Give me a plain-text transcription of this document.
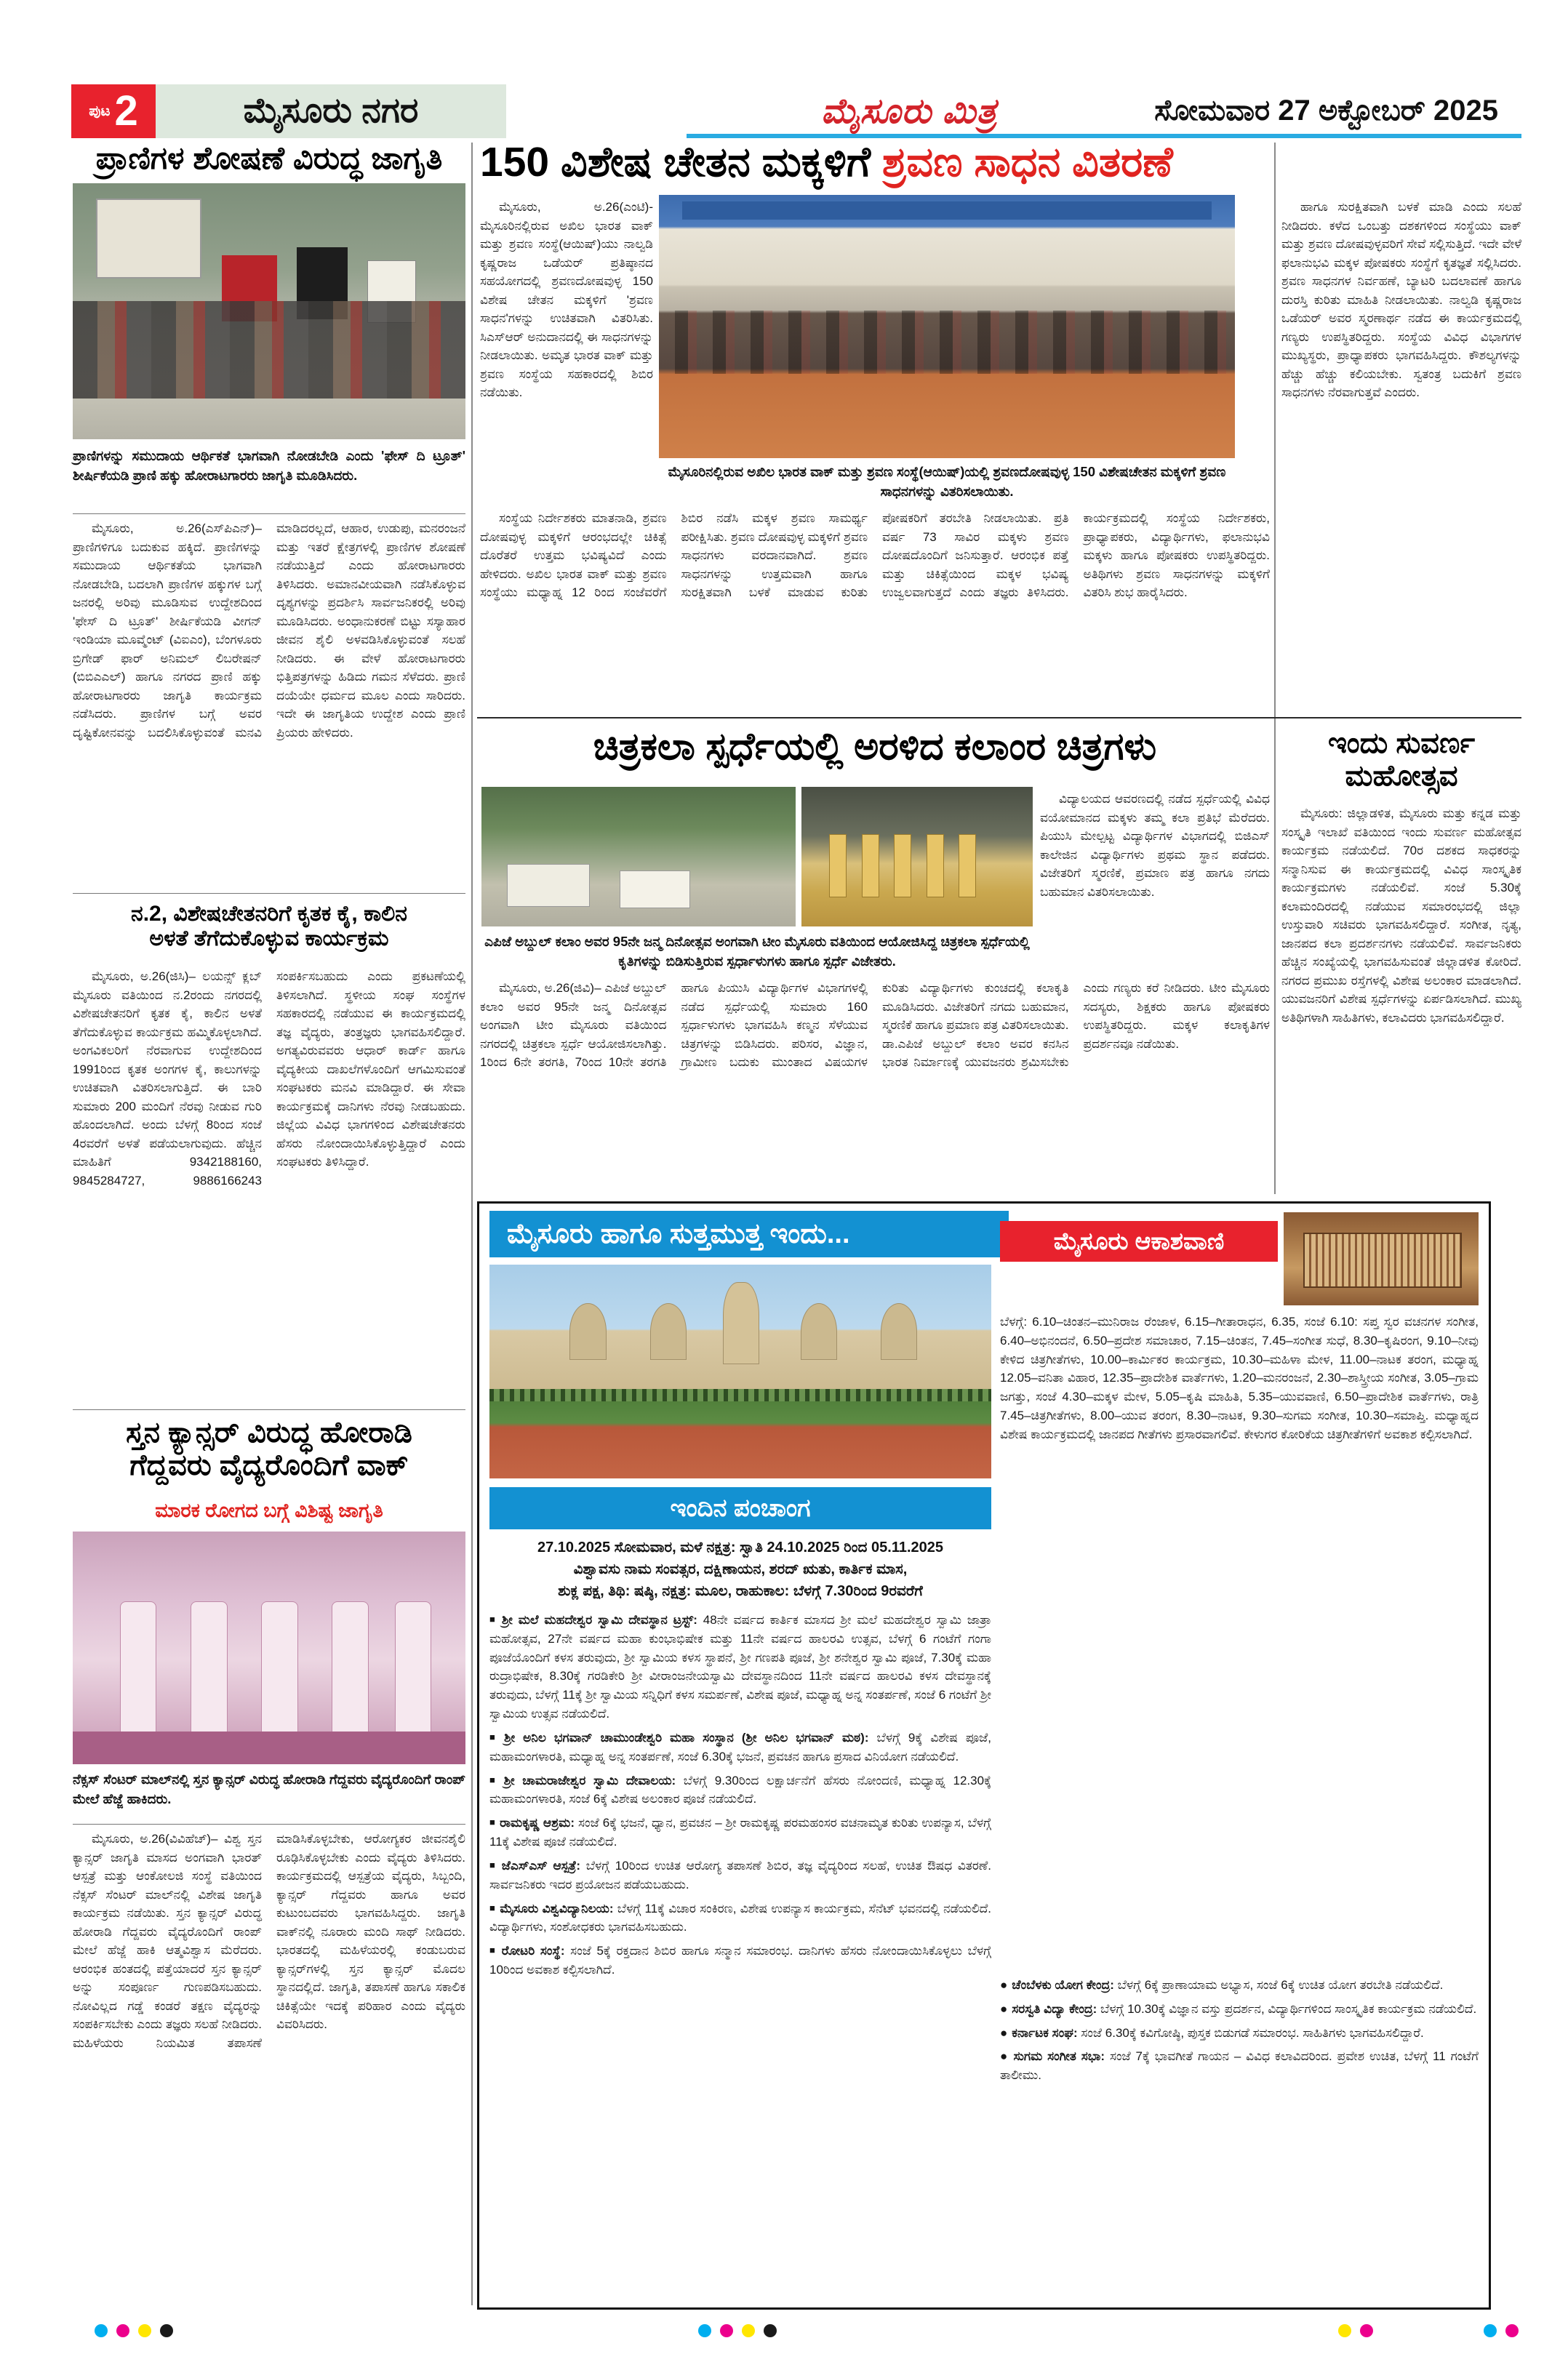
ಪುಟ 2	ಮೈಸೂರು ನಗರ	ಮೈಸೂರು ಮಿತ್ರ	ಸೋಮವಾರ 27 ಅಕ್ಟೋಬರ್ 2025
ಪ್ರಾಣಿಗಳ ಶೋಷಣೆ ವಿರುದ್ಧ ಜಾಗೃತಿ
ಪ್ರಾಣಿಗಳನ್ನು ಸಮುದಾಯ ಆರ್ಥಿಕತೆ ಭಾಗವಾಗಿ ನೋಡಬೇಡಿ ಎಂದು 'ಫೇಸ್ ದಿ ಟ್ರೂತ್' ಶೀರ್ಷಿಕೆಯಡಿ ಪ್ರಾಣಿ ಹಕ್ಕು ಹೋರಾಟಗಾರರು ಜಾಗೃತಿ ಮೂಡಿಸಿದರು.

ಮೈಸೂರು, ಅ.26(ಎಸ್‌ಪಿಎನ್)– ಪ್ರಾಣಿಗಳಿಗೂ ಬದುಕುವ ಹಕ್ಕಿದೆ. ಪ್ರಾಣಿಗಳನ್ನು ಸಮುದಾಯ ಆರ್ಥಿಕತೆಯ ಭಾಗವಾಗಿ ನೋಡಬೇಡಿ, ಬದಲಾಗಿ ಪ್ರಾಣಿಗಳ ಹಕ್ಕುಗಳ ಬಗ್ಗೆ ಜನರಲ್ಲಿ ಅರಿವು ಮೂಡಿಸುವ ಉದ್ದೇಶದಿಂದ 'ಫೇಸ್ ದಿ ಟ್ರೂತ್' ಶೀರ್ಷಿಕೆಯಡಿ ವೀಗನ್ ಇಂಡಿಯಾ ಮೂವ್ಮೆಂಟ್ (ವಿಐಎಂ), ಬೆಂಗಳೂರು ಬ್ರಿಗೇಡ್ ಫಾರ್ ಅನಿಮಲ್ ಲಿಬರೇಷನ್ (ಬಿಬಿಎಎಲ್) ಹಾಗೂ ನಗರದ ಪ್ರಾಣಿ ಹಕ್ಕು ಹೋರಾಟಗಾರರು ಜಾಗೃತಿ ಕಾರ್ಯಕ್ರಮ ನಡೆಸಿದರು. ಪ್ರಾಣಿಗಳ ಬಗ್ಗೆ ಅವರ ದೃಷ್ಟಿಕೋನವನ್ನು ಬದಲಿಸಿಕೊಳ್ಳುವಂತೆ ಮನವಿ ಮಾಡಿದರಲ್ಲದೆ, ಆಹಾರ, ಉಡುಪು, ಮನರಂಜನೆ ಮತ್ತು ಇತರೆ ಕ್ಷೇತ್ರಗಳಲ್ಲಿ ಪ್ರಾಣಿಗಳ ಶೋಷಣೆ ನಡೆಯುತ್ತಿದೆ ಎಂದು ಹೋರಾಟಗಾರರು ತಿಳಿಸಿದರು. ಅಮಾನವೀಯವಾಗಿ ನಡೆಸಿಕೊಳ್ಳುವ ದೃಶ್ಯಗಳನ್ನು ಪ್ರದರ್ಶಿಸಿ ಸಾರ್ವಜನಿಕರಲ್ಲಿ ಅರಿವು ಮೂಡಿಸಿದರು. ಅಂಧಾನುಕರಣೆ ಬಿಟ್ಟು ಸಸ್ಯಾಹಾರ ಜೀವನ ಶೈಲಿ ಅಳವಡಿಸಿಕೊಳ್ಳುವಂತೆ ಸಲಹೆ ನೀಡಿದರು. ಈ ವೇಳೆ ಹೋರಾಟಗಾರರು ಭಿತ್ತಿಪತ್ರಗಳನ್ನು ಹಿಡಿದು ಗಮನ ಸೆಳೆದರು. ಪ್ರಾಣಿ ದಯೆಯೇ ಧರ್ಮದ ಮೂಲ ಎಂದು ಸಾರಿದರು. ಇದೇ ಈ ಜಾಗೃತಿಯ ಉದ್ದೇಶ ಎಂದು ಪ್ರಾಣಿ ಪ್ರಿಯರು ಹೇಳಿದರು.

ನ.2, ವಿಶೇಷಚೇತನರಿಗೆ ಕೃತಕ ಕೈ, ಕಾಲಿನ
ಅಳತೆ ತೆಗೆದುಕೊಳ್ಳುವ ಕಾರ್ಯಕ್ರಮ

ಮೈಸೂರು, ಅ.26(ಜಿಸಿ)– ಲಯನ್ಸ್ ಕ್ಲಬ್ ಮೈಸೂರು ವತಿಯಿಂದ ನ.2ರಂದು ನಗರದಲ್ಲಿ ವಿಶೇಷಚೇತನರಿಗೆ ಕೃತಕ ಕೈ, ಕಾಲಿನ ಅಳತೆ ತೆಗೆದುಕೊಳ್ಳುವ ಕಾರ್ಯಕ್ರಮ ಹಮ್ಮಿಕೊಳ್ಳಲಾಗಿದೆ. ಅಂಗವಿಕಲರಿಗೆ ನೆರವಾಗುವ ಉದ್ದೇಶದಿಂದ 1991ರಿಂದ ಕೃತಕ ಅಂಗಗಳ ಕೈ, ಕಾಲುಗಳನ್ನು ಉಚಿತವಾಗಿ ವಿತರಿಸಲಾಗುತ್ತಿದೆ. ಈ ಬಾರಿ ಸುಮಾರು 200 ಮಂದಿಗೆ ನೆರವು ನೀಡುವ ಗುರಿ ಹೊಂದಲಾಗಿದೆ. ಅಂದು ಬೆಳಗ್ಗೆ 8ರಿಂದ ಸಂಜೆ 4ರವರೆಗೆ ಅಳತೆ ಪಡೆಯಲಾಗುವುದು. ಹೆಚ್ಚಿನ ಮಾಹಿತಿಗೆ 9342188160, 9845284727, 9886166243 ಸಂಪರ್ಕಿಸಬಹುದು ಎಂದು ಪ್ರಕಟಣೆಯಲ್ಲಿ ತಿಳಿಸಲಾಗಿದೆ. ಸ್ಥಳೀಯ ಸಂಘ ಸಂಸ್ಥೆಗಳ ಸಹಕಾರದಲ್ಲಿ ನಡೆಯುವ ಈ ಕಾರ್ಯಕ್ರಮದಲ್ಲಿ ತಜ್ಞ ವೈದ್ಯರು, ತಂತ್ರಜ್ಞರು ಭಾಗವಹಿಸಲಿದ್ದಾರೆ. ಅಗತ್ಯವಿರುವವರು ಆಧಾರ್ ಕಾರ್ಡ್ ಹಾಗೂ ವೈದ್ಯಕೀಯ ದಾಖಲೆಗಳೊಂದಿಗೆ ಆಗಮಿಸುವಂತೆ ಸಂಘಟಕರು ಮನವಿ ಮಾಡಿದ್ದಾರೆ. ಈ ಸೇವಾ ಕಾರ್ಯಕ್ರಮಕ್ಕೆ ದಾನಿಗಳು ನೆರವು ನೀಡಬಹುದು. ಜಿಲ್ಲೆಯ ವಿವಿಧ ಭಾಗಗಳಿಂದ ವಿಶೇಷಚೇತನರು ಹೆಸರು ನೋಂದಾಯಿಸಿಕೊಳ್ಳುತ್ತಿದ್ದಾರೆ ಎಂದು ಸಂಘಟಕರು ತಿಳಿಸಿದ್ದಾರೆ.

ಸ್ತನ ಕ್ಯಾನ್ಸರ್ ವಿರುದ್ಧ ಹೋರಾಡಿ
ಗೆದ್ದವರು ವೈದ್ಯರೊಂದಿಗೆ ವಾಕ್
ಮಾರಕ ರೋಗದ ಬಗ್ಗೆ ವಿಶಿಷ್ಟ ಜಾಗೃತಿ
ನೆಕ್ಸಸ್ ಸೆಂಟರ್ ಮಾಲ್‌ನಲ್ಲಿ ಸ್ತನ ಕ್ಯಾನ್ಸರ್ ವಿರುದ್ಧ ಹೋರಾಡಿ ಗೆದ್ದವರು ವೈದ್ಯರೊಂದಿಗೆ ರಾಂಪ್ ಮೇಲೆ ಹೆಜ್ಜೆ ಹಾಕಿದರು.

ಮೈಸೂರು, ಅ.26(ವಿವಿಹೆಚ್)– ವಿಶ್ವ ಸ್ತನ ಕ್ಯಾನ್ಸರ್ ಜಾಗೃತಿ ಮಾಸದ ಅಂಗವಾಗಿ ಭಾರತ್ ಆಸ್ಪತ್ರೆ ಮತ್ತು ಆಂಕೋಲಜಿ ಸಂಸ್ಥೆ ವತಿಯಿಂದ ನೆಕ್ಸಸ್ ಸೆಂಟರ್ ಮಾಲ್‌ನಲ್ಲಿ ವಿಶೇಷ ಜಾಗೃತಿ ಕಾರ್ಯಕ್ರಮ ನಡೆಯಿತು. ಸ್ತನ ಕ್ಯಾನ್ಸರ್ ವಿರುದ್ಧ ಹೋರಾಡಿ ಗೆದ್ದವರು ವೈದ್ಯರೊಂದಿಗೆ ರಾಂಪ್ ಮೇಲೆ ಹೆಜ್ಜೆ ಹಾಕಿ ಆತ್ಮವಿಶ್ವಾಸ ಮೆರೆದರು. ಆರಂಭಿಕ ಹಂತದಲ್ಲಿ ಪತ್ತೆಯಾದರೆ ಸ್ತನ ಕ್ಯಾನ್ಸರ್ ಅನ್ನು ಸಂಪೂರ್ಣ ಗುಣಪಡಿಸಬಹುದು. ನೋವಿಲ್ಲದ ಗಡ್ಡೆ ಕಂಡರೆ ತಕ್ಷಣ ವೈದ್ಯರನ್ನು ಸಂಪರ್ಕಿಸಬೇಕು ಎಂದು ತಜ್ಞರು ಸಲಹೆ ನೀಡಿದರು. ಮಹಿಳೆಯರು ನಿಯಮಿತ ತಪಾಸಣೆ ಮಾಡಿಸಿಕೊಳ್ಳಬೇಕು, ಆರೋಗ್ಯಕರ ಜೀವನಶೈಲಿ ರೂಢಿಸಿಕೊಳ್ಳಬೇಕು ಎಂದು ವೈದ್ಯರು ತಿಳಿಸಿದರು. ಕಾರ್ಯಕ್ರಮದಲ್ಲಿ ಆಸ್ಪತ್ರೆಯ ವೈದ್ಯರು, ಸಿಬ್ಬಂದಿ, ಕ್ಯಾನ್ಸರ್ ಗೆದ್ದವರು ಹಾಗೂ ಅವರ ಕುಟುಂಬದವರು ಭಾಗವಹಿಸಿದ್ದರು. ಜಾಗೃತಿ ವಾಕ್‌ನಲ್ಲಿ ನೂರಾರು ಮಂದಿ ಸಾಥ್ ನೀಡಿದರು. ಭಾರತದಲ್ಲಿ ಮಹಿಳೆಯರಲ್ಲಿ ಕಂಡುಬರುವ ಕ್ಯಾನ್ಸರ್‌ಗಳಲ್ಲಿ ಸ್ತನ ಕ್ಯಾನ್ಸರ್ ಮೊದಲ ಸ್ಥಾನದಲ್ಲಿದೆ. ಜಾಗೃತಿ, ತಪಾಸಣೆ ಹಾಗೂ ಸಕಾಲಿಕ ಚಿಕಿತ್ಸೆಯೇ ಇದಕ್ಕೆ ಪರಿಹಾರ ಎಂದು ವೈದ್ಯರು ವಿವರಿಸಿದರು.

150 ವಿಶೇಷ ಚೇತನ ಮಕ್ಕಳಿಗೆ ಶ್ರವಣ ಸಾಧನ ವಿತರಣೆ

ಮೈಸೂರು, ಅ.26(ಎಂಟಿ)- ಮೈಸೂರಿನಲ್ಲಿರುವ ಅಖಿಲ ಭಾರತ ವಾಕ್ ಮತ್ತು ಶ್ರವಣ ಸಂಸ್ಥೆ(ಆಯಿಷ್)ಯು ನಾಲ್ವಡಿ ಕೃಷ್ಣರಾಜ ಒಡೆಯರ್ ಪ್ರತಿಷ್ಠಾನದ ಸಹಯೋಗದಲ್ಲಿ ಶ್ರವಣದೋಷವುಳ್ಳ 150 ವಿಶೇಷ ಚೇತನ ಮಕ್ಕಳಿಗೆ 'ಶ್ರವಣ ಸಾಧನ'ಗಳನ್ನು ಉಚಿತವಾಗಿ ವಿತರಿಸಿತು. ಸಿಎಸ್ಆರ್ ಅನುದಾನದಲ್ಲಿ ಈ ಸಾಧನಗಳನ್ನು ನೀಡಲಾಯಿತು. ಅಮೃತ ಭಾರತ ವಾಕ್ ಮತ್ತು ಶ್ರವಣ ಸಂಸ್ಥೆಯ ಸಹಕಾರದಲ್ಲಿ ಶಿಬಿರ ನಡೆಯಿತು.

ಮೈಸೂರಿನಲ್ಲಿರುವ ಅಖಿಲ ಭಾರತ ವಾಕ್ ಮತ್ತು ಶ್ರವಣ ಸಂಸ್ಥೆ(ಆಯಿಷ್)ಯಲ್ಲಿ ಶ್ರವಣದೋಷವುಳ್ಳ 150 ವಿಶೇಷಚೇತನ ಮಕ್ಕಳಿಗೆ ಶ್ರವಣ ಸಾಧನಗಳನ್ನು ವಿತರಿಸಲಾಯಿತು.

ಸಂಸ್ಥೆಯ ನಿರ್ದೇಶಕರು ಮಾತನಾಡಿ, ಶ್ರವಣ ದೋಷವುಳ್ಳ ಮಕ್ಕಳಿಗೆ ಆರಂಭದಲ್ಲೇ ಚಿಕಿತ್ಸೆ ದೊರೆತರೆ ಉತ್ತಮ ಭವಿಷ್ಯವಿದೆ ಎಂದು ಹೇಳಿದರು. ಅಖಿಲ ಭಾರತ ವಾಕ್ ಮತ್ತು ಶ್ರವಣ ಸಂಸ್ಥೆಯು ಮಧ್ಯಾಹ್ನ 12 ರಿಂದ ಸಂಜೆವರೆಗೆ ಶಿಬಿರ ನಡೆಸಿ ಮಕ್ಕಳ ಶ್ರವಣ ಸಾಮರ್ಥ್ಯ ಪರೀಕ್ಷಿಸಿತು. ಶ್ರವಣ ದೋಷವುಳ್ಳ ಮಕ್ಕಳಿಗೆ ಶ್ರವಣ ಸಾಧನಗಳು ವರದಾನವಾಗಿದೆ. ಶ್ರವಣ ಸಾಧನಗಳನ್ನು ಉತ್ತಮವಾಗಿ ಹಾಗೂ ಸುರಕ್ಷಿತವಾಗಿ ಬಳಕೆ ಮಾಡುವ ಕುರಿತು ಪೋಷಕರಿಗೆ ತರಬೇತಿ ನೀಡಲಾಯಿತು. ಪ್ರತಿ ವರ್ಷ 73 ಸಾವಿರ ಮಕ್ಕಳು ಶ್ರವಣ ದೋಷದೊಂದಿಗೆ ಜನಿಸುತ್ತಾರೆ. ಆರಂಭಿಕ ಪತ್ತೆ ಮತ್ತು ಚಿಕಿತ್ಸೆಯಿಂದ ಮಕ್ಕಳ ಭವಿಷ್ಯ ಉಜ್ವಲವಾಗುತ್ತದೆ ಎಂದು ತಜ್ಞರು ತಿಳಿಸಿದರು. ಕಾರ್ಯಕ್ರಮದಲ್ಲಿ ಸಂಸ್ಥೆಯ ನಿರ್ದೇಶಕರು, ಪ್ರಾಧ್ಯಾಪಕರು, ವಿದ್ಯಾರ್ಥಿಗಳು, ಫಲಾನುಭವಿ ಮಕ್ಕಳು ಹಾಗೂ ಪೋಷಕರು ಉಪಸ್ಥಿತರಿದ್ದರು. ಅತಿಥಿಗಳು ಶ್ರವಣ ಸಾಧನಗಳನ್ನು ಮಕ್ಕಳಿಗೆ ವಿತರಿಸಿ ಶುಭ ಹಾರೈಸಿದರು.

ಹಾಗೂ ಸುರಕ್ಷಿತವಾಗಿ ಬಳಕೆ ಮಾಡಿ ಎಂದು ಸಲಹೆ ನೀಡಿದರು. ಕಳೆದ ಒಂಬತ್ತು ದಶಕಗಳಿಂದ ಸಂಸ್ಥೆಯು ವಾಕ್ ಮತ್ತು ಶ್ರವಣ ದೋಷವುಳ್ಳವರಿಗೆ ಸೇವೆ ಸಲ್ಲಿಸುತ್ತಿದೆ. ಇದೇ ವೇಳೆ ಫಲಾನುಭವಿ ಮಕ್ಕಳ ಪೋಷಕರು ಸಂಸ್ಥೆಗೆ ಕೃತಜ್ಞತೆ ಸಲ್ಲಿಸಿದರು. ಶ್ರವಣ ಸಾಧನಗಳ ನಿರ್ವಹಣೆ, ಬ್ಯಾಟರಿ ಬದಲಾವಣೆ ಹಾಗೂ ದುರಸ್ತಿ ಕುರಿತು ಮಾಹಿತಿ ನೀಡಲಾಯಿತು. ನಾಲ್ವಡಿ ಕೃಷ್ಣರಾಜ ಒಡೆಯರ್ ಅವರ ಸ್ಮರಣಾರ್ಥ ನಡೆದ ಈ ಕಾರ್ಯಕ್ರಮದಲ್ಲಿ ಗಣ್ಯರು ಉಪಸ್ಥಿತರಿದ್ದರು. ಸಂಸ್ಥೆಯ ವಿವಿಧ ವಿಭಾಗಗಳ ಮುಖ್ಯಸ್ಥರು, ಪ್ರಾಧ್ಯಾಪಕರು ಭಾಗವಹಿಸಿದ್ದರು. ಕೌಶಲ್ಯಗಳನ್ನು ಹೆಚ್ಚು ಹೆಚ್ಚು ಕಲಿಯಬೇಕು. ಸ್ವತಂತ್ರ ಬದುಕಿಗೆ ಶ್ರವಣ ಸಾಧನಗಳು ನೆರವಾಗುತ್ತವೆ ಎಂದರು.

ಚಿತ್ರಕಲಾ ಸ್ಪರ್ಧೆಯಲ್ಲಿ ಅರಳಿದ ಕಲಾಂರ ಚಿತ್ರಗಳು

ವಿದ್ಯಾಲಯದ ಆವರಣದಲ್ಲಿ ನಡೆದ ಸ್ಪರ್ಧೆಯಲ್ಲಿ ವಿವಿಧ ವಯೋಮಾನದ ಮಕ್ಕಳು ತಮ್ಮ ಕಲಾ ಪ್ರತಿಭೆ ಮೆರೆದರು. ಪಿಯುಸಿ ಮೇಲ್ಪಟ್ಟ ವಿದ್ಯಾರ್ಥಿಗಳ ವಿಭಾಗದಲ್ಲಿ ಬಿಜಿಎಸ್ ಕಾಲೇಜಿನ ವಿದ್ಯಾರ್ಥಿಗಳು ಪ್ರಥಮ ಸ್ಥಾನ ಪಡೆದರು. ವಿಜೇತರಿಗೆ ಸ್ಮರಣಿಕೆ, ಪ್ರಮಾಣ ಪತ್ರ ಹಾಗೂ ನಗದು ಬಹುಮಾನ ವಿತರಿಸಲಾಯಿತು.

ಎಪಿಜೆ ಅಬ್ದುಲ್ ಕಲಾಂ ಅವರ 95ನೇ ಜನ್ಮ ದಿನೋತ್ಸವ ಅಂಗವಾಗಿ ಟೀಂ ಮೈಸೂರು ವತಿಯಿಂದ ಆಯೋಜಿಸಿದ್ದ ಚಿತ್ರಕಲಾ ಸ್ಪರ್ಧೆಯಲ್ಲಿ ಕೃತಿಗಳನ್ನು ಬಿಡಿಸುತ್ತಿರುವ ಸ್ಪರ್ಧಾಳುಗಳು ಹಾಗೂ ಸ್ಪರ್ಧೆ ವಿಜೇತರು.

ಮೈಸೂರು, ಅ.26(ಜಿವಿ)– ಎಪಿಜೆ ಅಬ್ದುಲ್ ಕಲಾಂ ಅವರ 95ನೇ ಜನ್ಮ ದಿನೋತ್ಸವ ಅಂಗವಾಗಿ ಟೀಂ ಮೈಸೂರು ವತಿಯಿಂದ ನಗರದಲ್ಲಿ ಚಿತ್ರಕಲಾ ಸ್ಪರ್ಧೆ ಆಯೋಜಿಸಲಾಗಿತ್ತು. 1ರಿಂದ 6ನೇ ತರಗತಿ, 7ರಿಂದ 10ನೇ ತರಗತಿ ಹಾಗೂ ಪಿಯುಸಿ ವಿದ್ಯಾರ್ಥಿಗಳ ವಿಭಾಗಗಳಲ್ಲಿ ನಡೆದ ಸ್ಪರ್ಧೆಯಲ್ಲಿ ಸುಮಾರು 160 ಸ್ಪರ್ಧಾಳುಗಳು ಭಾಗವಹಿಸಿ ಕಣ್ಮನ ಸೆಳೆಯುವ ಚಿತ್ರಗಳನ್ನು ಬಿಡಿಸಿದರು. ಪರಿಸರ, ವಿಜ್ಞಾನ, ಗ್ರಾಮೀಣ ಬದುಕು ಮುಂತಾದ ವಿಷಯಗಳ ಕುರಿತು ವಿದ್ಯಾರ್ಥಿಗಳು ಕುಂಚದಲ್ಲಿ ಕಲಾಕೃತಿ ಮೂಡಿಸಿದರು. ವಿಜೇತರಿಗೆ ನಗದು ಬಹುಮಾನ, ಸ್ಮರಣಿಕೆ ಹಾಗೂ ಪ್ರಮಾಣ ಪತ್ರ ವಿತರಿಸಲಾಯಿತು. ಡಾ.ಎಪಿಜೆ ಅಬ್ದುಲ್ ಕಲಾಂ ಅವರ ಕನಸಿನ ಭಾರತ ನಿರ್ಮಾಣಕ್ಕೆ ಯುವಜನರು ಶ್ರಮಿಸಬೇಕು ಎಂದು ಗಣ್ಯರು ಕರೆ ನೀಡಿದರು. ಟೀಂ ಮೈಸೂರು ಸದಸ್ಯರು, ಶಿಕ್ಷಕರು ಹಾಗೂ ಪೋಷಕರು ಉಪಸ್ಥಿತರಿದ್ದರು. ಮಕ್ಕಳ ಕಲಾಕೃತಿಗಳ ಪ್ರದರ್ಶನವೂ ನಡೆಯಿತು.

ಇಂದು ಸುವರ್ಣ
ಮಹೋತ್ಸವ

ಮೈಸೂರು: ಜಿಲ್ಲಾಡಳಿತ, ಮೈಸೂರು ಮತ್ತು ಕನ್ನಡ ಮತ್ತು ಸಂಸ್ಕೃತಿ ಇಲಾಖೆ ವತಿಯಿಂದ ಇಂದು ಸುವರ್ಣ ಮಹೋತ್ಸವ ಕಾರ್ಯಕ್ರಮ ನಡೆಯಲಿದೆ. 70ರ ದಶಕದ ಸಾಧಕರನ್ನು ಸನ್ಮಾನಿಸುವ ಈ ಕಾರ್ಯಕ್ರಮದಲ್ಲಿ ವಿವಿಧ ಸಾಂಸ್ಕೃತಿಕ ಕಾರ್ಯಕ್ರಮಗಳು ನಡೆಯಲಿವೆ. ಸಂಜೆ 5.30ಕ್ಕೆ ಕಲಾಮಂದಿರದಲ್ಲಿ ನಡೆಯುವ ಸಮಾರಂಭದಲ್ಲಿ ಜಿಲ್ಲಾ ಉಸ್ತುವಾರಿ ಸಚಿವರು ಭಾಗವಹಿಸಲಿದ್ದಾರೆ. ಸಂಗೀತ, ನೃತ್ಯ, ಜಾನಪದ ಕಲಾ ಪ್ರದರ್ಶನಗಳು ನಡೆಯಲಿವೆ. ಸಾರ್ವಜನಿಕರು ಹೆಚ್ಚಿನ ಸಂಖ್ಯೆಯಲ್ಲಿ ಭಾಗವಹಿಸುವಂತೆ ಜಿಲ್ಲಾಡಳಿತ ಕೋರಿದೆ. ನಗರದ ಪ್ರಮುಖ ರಸ್ತೆಗಳಲ್ಲಿ ವಿಶೇಷ ಅಲಂಕಾರ ಮಾಡಲಾಗಿದೆ. ಯುವಜನರಿಗೆ ವಿಶೇಷ ಸ್ಪರ್ಧೆಗಳನ್ನು ಏರ್ಪಡಿಸಲಾಗಿದೆ. ಮುಖ್ಯ ಅತಿಥಿಗಳಾಗಿ ಸಾಹಿತಿಗಳು, ಕಲಾವಿದರು ಭಾಗವಹಿಸಲಿದ್ದಾರೆ.

ಮೈಸೂರು ಹಾಗೂ ಸುತ್ತಮುತ್ತ ಇಂದು...
ಇಂದಿನ ಪಂಚಾಂಗ
27.10.2025 ಸೋಮವಾರ, ಮಳೆ ನಕ್ಷತ್ರ: ಸ್ವಾತಿ 24.10.2025 ರಿಂದ 05.11.2025
ವಿಶ್ವಾವಸು ನಾಮ ಸಂವತ್ಸರ, ದಕ್ಷಿಣಾಯನ, ಶರದ್ ಋತು, ಕಾರ್ತಿಕ ಮಾಸ,
ಶುಕ್ಲ ಪಕ್ಷ, ತಿಥಿ: ಷಷ್ಠಿ, ನಕ್ಷತ್ರ: ಮೂಲ, ರಾಹುಕಾಲ: ಬೆಳಗ್ಗೆ 7.30ರಿಂದ 9ರವರೆಗೆ

■ ಶ್ರೀ ಮಲೆ ಮಹದೇಶ್ವರ ಸ್ವಾಮಿ ದೇವಸ್ಥಾನ ಟ್ರಸ್ಟ್: 48ನೇ ವರ್ಷದ ಕಾರ್ತಿಕ ಮಾಸದ ಶ್ರೀ ಮಲೆ ಮಹದೇಶ್ವರ ಸ್ವಾಮಿ ಜಾತ್ರಾ ಮಹೋತ್ಸವ, 27ನೇ ವರ್ಷದ ಮಹಾ ಕುಂಭಾಭಿಷೇಕ ಮತ್ತು 11ನೇ ವರ್ಷದ ಹಾಲರವಿ ಉತ್ಸವ, ಬೆಳಗ್ಗೆ 6 ಗಂಟೆಗೆ ಗಂಗಾ ಪೂಜೆಯೊಂದಿಗೆ ಕಳಸ ತರುವುದು, ಶ್ರೀ ಸ್ವಾಮಿಯ ಕಳಸ ಸ್ಥಾಪನೆ, ಶ್ರೀ ಗಣಪತಿ ಪೂಜೆ, ಶ್ರೀ ಶನೇಶ್ವರ ಸ್ವಾಮಿ ಪೂಜೆ, 7.30ಕ್ಕೆ ಮಹಾ ರುದ್ರಾಭಿಷೇಕ, 8.30ಕ್ಕೆ ಗರಡಿಕೇರಿ ಶ್ರೀ ವೀರಾಂಜನೇಯಸ್ವಾಮಿ ದೇವಸ್ಥಾನದಿಂದ 11ನೇ ವರ್ಷದ ಹಾಲರವಿ ಕಳಸ ದೇವಸ್ಥಾನಕ್ಕೆ ತರುವುದು, ಬೆಳಗ್ಗೆ 11ಕ್ಕೆ ಶ್ರೀ ಸ್ವಾಮಿಯ ಸನ್ನಿಧಿಗೆ ಕಳಸ ಸಮರ್ಪಣೆ, ವಿಶೇಷ ಪೂಜೆ, ಮಧ್ಯಾಹ್ನ ಅನ್ನ ಸಂತರ್ಪಣೆ, ಸಂಜೆ 6 ಗಂಟೆಗೆ ಶ್ರೀ ಸ್ವಾಮಿಯ ಉತ್ಸವ ನಡೆಯಲಿದೆ.

■ ಶ್ರೀ ಅನಿಲ ಭಗವಾನ್ ಚಾಮುಂಡೇಶ್ವರಿ ಮಹಾ ಸಂಸ್ಥಾನ (ಶ್ರೀ ಅನಿಲ ಭಗವಾನ್ ಮಠ): ಬೆಳಗ್ಗೆ 9ಕ್ಕೆ ವಿಶೇಷ ಪೂಜೆ, ಮಹಾಮಂಗಳಾರತಿ, ಮಧ್ಯಾಹ್ನ ಅನ್ನ ಸಂತರ್ಪಣೆ, ಸಂಜೆ 6.30ಕ್ಕೆ ಭಜನೆ, ಪ್ರವಚನ ಹಾಗೂ ಪ್ರಸಾದ ವಿನಿಯೋಗ ನಡೆಯಲಿದೆ.

■ ಶ್ರೀ ಚಾಮರಾಜೇಶ್ವರ ಸ್ವಾಮಿ ದೇವಾಲಯ: ಬೆಳಗ್ಗೆ 9.30ರಿಂದ ಲಕ್ಷಾರ್ಚನೆಗೆ ಹೆಸರು ನೋಂದಣಿ, ಮಧ್ಯಾಹ್ನ 12.30ಕ್ಕೆ ಮಹಾಮಂಗಳಾರತಿ, ಸಂಜೆ 6ಕ್ಕೆ ವಿಶೇಷ ಅಲಂಕಾರ ಪೂಜೆ ನಡೆಯಲಿದೆ.

■ ರಾಮಕೃಷ್ಣ ಆಶ್ರಮ: ಸಂಜೆ 6ಕ್ಕೆ ಭಜನೆ, ಧ್ಯಾನ, ಪ್ರವಚನ – ಶ್ರೀ ರಾಮಕೃಷ್ಣ ಪರಮಹಂಸರ ವಚನಾಮೃತ ಕುರಿತು ಉಪನ್ಯಾಸ, ಬೆಳಗ್ಗೆ 11ಕ್ಕೆ ವಿಶೇಷ ಪೂಜೆ ನಡೆಯಲಿದೆ.

■ ಜೆಎಸ್ಎಸ್ ಆಸ್ಪತ್ರೆ: ಬೆಳಗ್ಗೆ 10ರಿಂದ ಉಚಿತ ಆರೋಗ್ಯ ತಪಾಸಣೆ ಶಿಬಿರ, ತಜ್ಞ ವೈದ್ಯರಿಂದ ಸಲಹೆ, ಉಚಿತ ಔಷಧ ವಿತರಣೆ. ಸಾರ್ವಜನಿಕರು ಇದರ ಪ್ರಯೋಜನ ಪಡೆಯಬಹುದು.

■ ಮೈಸೂರು ವಿಶ್ವವಿದ್ಯಾನಿಲಯ: ಬೆಳಗ್ಗೆ 11ಕ್ಕೆ ವಿಚಾರ ಸಂಕಿರಣ, ವಿಶೇಷ ಉಪನ್ಯಾಸ ಕಾರ್ಯಕ್ರಮ, ಸೆನೆಟ್ ಭವನದಲ್ಲಿ ನಡೆಯಲಿದೆ. ವಿದ್ಯಾರ್ಥಿಗಳು, ಸಂಶೋಧಕರು ಭಾಗವಹಿಸಬಹುದು.

■ ರೋಟರಿ ಸಂಸ್ಥೆ: ಸಂಜೆ 5ಕ್ಕೆ ರಕ್ತದಾನ ಶಿಬಿರ ಹಾಗೂ ಸನ್ಮಾನ ಸಮಾರಂಭ. ದಾನಿಗಳು ಹೆಸರು ನೋಂದಾಯಿಸಿಕೊಳ್ಳಲು ಬೆಳಗ್ಗೆ 10ರಿಂದ ಅವಕಾಶ ಕಲ್ಪಿಸಲಾಗಿದೆ.

ಮೈಸೂರು ಆಕಾಶವಾಣಿ

ಬೆಳಗ್ಗೆ: 6.10–ಚಿಂತನ–ಮುನಿರಾಜ ರೆಂಜಾಳ, 6.15–ಗೀತಾರಾಧನ, 6.35, ಸಂಜೆ 6.10: ಸಪ್ತ ಸ್ವರ ವಚನಗಳ ಸಂಗೀತ, 6.40–ಅಭಿನಂದನೆ, 6.50–ಪ್ರದೇಶ ಸಮಾಚಾರ, 7.15–ಚಿಂತನ, 7.45–ಸಂಗೀತ ಸುಧೆ, 8.30–ಕೃಷಿರಂಗ, 9.10–ನೀವು ಕೇಳಿದ ಚಿತ್ರಗೀತೆಗಳು, 10.00–ಕಾರ್ಮಿಕರ ಕಾರ್ಯಕ್ರಮ, 10.30–ಮಹಿಳಾ ಮೇಳ, 11.00–ನಾಟಕ ತರಂಗ, ಮಧ್ಯಾಹ್ನ 12.05–ವನಿತಾ ವಿಹಾರ, 12.35–ಪ್ರಾದೇಶಿಕ ವಾರ್ತೆಗಳು, 1.20–ಮನರಂಜನೆ, 2.30–ಶಾಸ್ತ್ರೀಯ ಸಂಗೀತ, 3.05–ಗ್ರಾಮ ಜಗತ್ತು, ಸಂಜೆ 4.30–ಮಕ್ಕಳ ಮೇಳ, 5.05–ಕೃಷಿ ಮಾಹಿತಿ, 5.35–ಯುವವಾಣಿ, 6.50–ಪ್ರಾದೇಶಿಕ ವಾರ್ತೆಗಳು, ರಾತ್ರಿ 7.45–ಚಿತ್ರಗೀತೆಗಳು, 8.00–ಯುವ ತರಂಗ, 8.30–ನಾಟಕ, 9.30–ಸುಗಮ ಸಂಗೀತ, 10.30–ಸಮಾಪ್ತಿ. ಮಧ್ಯಾಹ್ನದ ವಿಶೇಷ ಕಾರ್ಯಕ್ರಮದಲ್ಲಿ ಜಾನಪದ ಗೀತೆಗಳು ಪ್ರಸಾರವಾಗಲಿವೆ. ಕೇಳುಗರ ಕೋರಿಕೆಯ ಚಿತ್ರಗೀತೆಗಳಿಗೆ ಅವಕಾಶ ಕಲ್ಪಿಸಲಾಗಿದೆ.

● ಚೆಂಬೆಳಕು ಯೋಗ ಕೇಂದ್ರ: ಬೆಳಗ್ಗೆ 6ಕ್ಕೆ ಪ್ರಾಣಾಯಾಮ ಅಭ್ಯಾಸ, ಸಂಜೆ 6ಕ್ಕೆ ಉಚಿತ ಯೋಗ ತರಬೇತಿ ನಡೆಯಲಿದೆ.

● ಸರಸ್ವತಿ ವಿದ್ಯಾ ಕೇಂದ್ರ: ಬೆಳಗ್ಗೆ 10.30ಕ್ಕೆ ವಿಜ್ಞಾನ ವಸ್ತು ಪ್ರದರ್ಶನ, ವಿದ್ಯಾರ್ಥಿಗಳಿಂದ ಸಾಂಸ್ಕೃತಿಕ ಕಾರ್ಯಕ್ರಮ ನಡೆಯಲಿದೆ.

● ಕರ್ನಾಟಕ ಸಂಘ: ಸಂಜೆ 6.30ಕ್ಕೆ ಕವಿಗೋಷ್ಠಿ, ಪುಸ್ತಕ ಬಿಡುಗಡೆ ಸಮಾರಂಭ. ಸಾಹಿತಿಗಳು ಭಾಗವಹಿಸಲಿದ್ದಾರೆ.

● ಸುಗಮ ಸಂಗೀತ ಸಭಾ: ಸಂಜೆ 7ಕ್ಕೆ ಭಾವಗೀತೆ ಗಾಯನ – ವಿವಿಧ ಕಲಾವಿದರಿಂದ. ಪ್ರವೇಶ ಉಚಿತ, ಬೆಳಗ್ಗೆ 11 ಗಂಟೆಗೆ ತಾಲೀಮು.
